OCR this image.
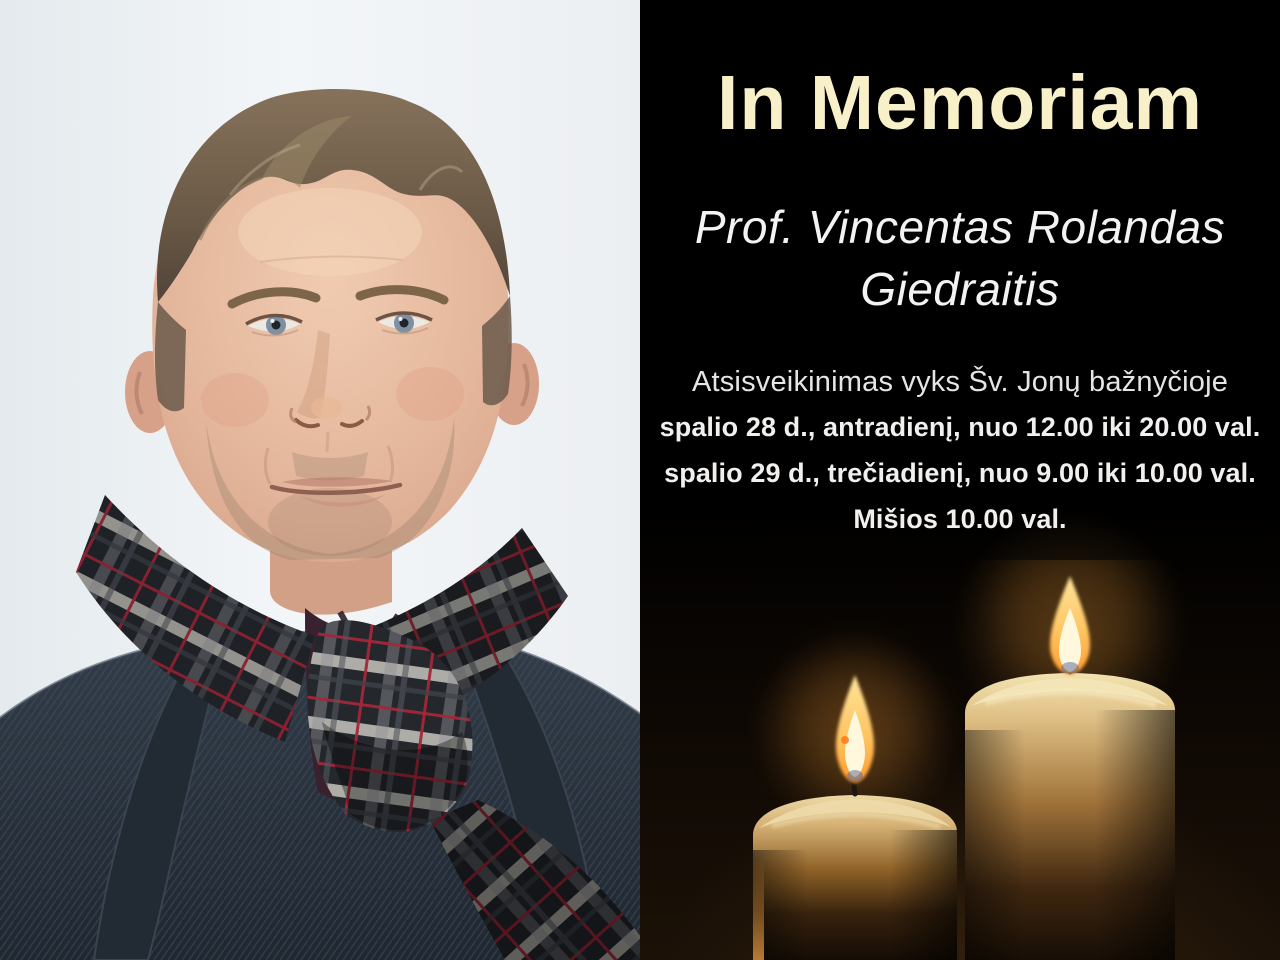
In Memoriam
Prof. Vincentas Rolandas Giedraitis
Atsisveikinimas vyks Šv. Jonų bažnyčioje
spalio 28 d., antradienį, nuo 12.00 iki 20.00 val.
spalio 29 d., trečiadienį, nuo 9.00 iki 10.00 val.
Mišios 10.00 val.
